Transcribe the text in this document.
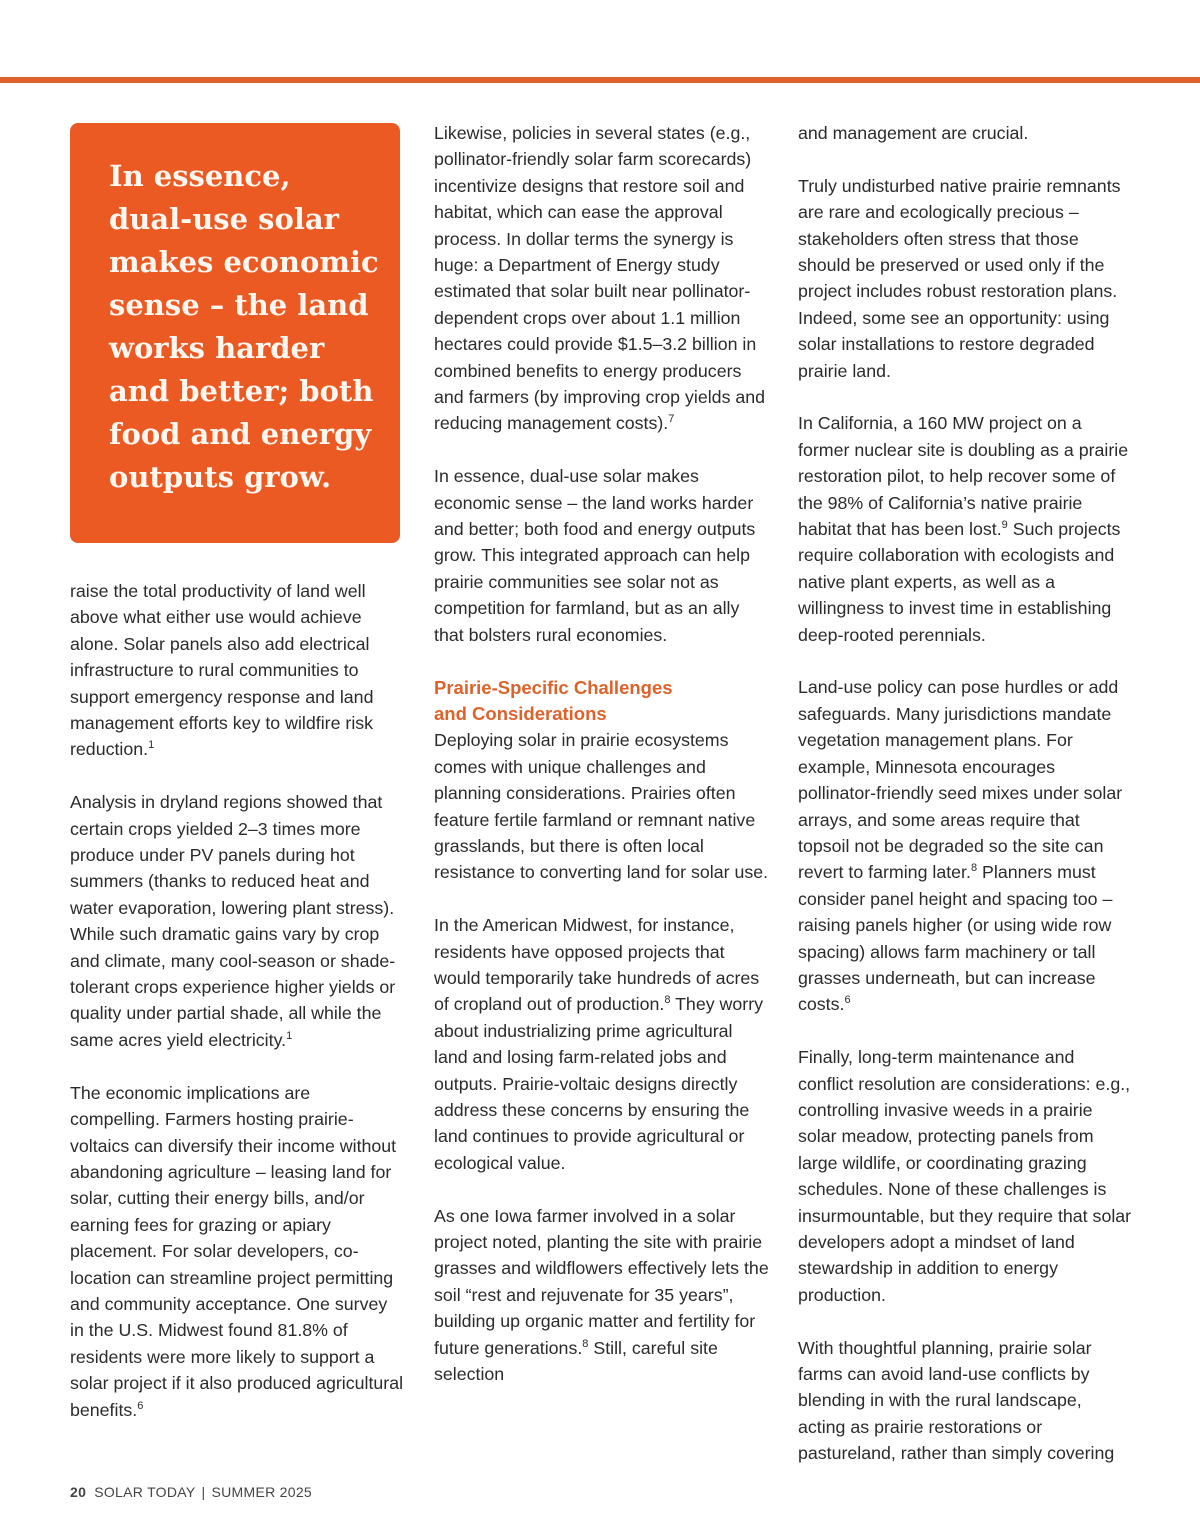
In essence,
dual-use solar
makes economic
sense – the land
works harder
and better; both
food and energy
outputs grow.

raise the total productivity of land well above what either use would achieve alone. Solar panels also add electrical infrastructure to rural communities to support emergency response and land management efforts key to wildfire risk reduction.$^1$

Analysis in dryland regions showed that certain crops yielded 2–3 times more produce under PV panels during hot summers (thanks to reduced heat and water evaporation, lowering plant stress). While such dramatic gains vary by crop and climate, many cool-season or shade-tolerant crops experience higher yields or quality under partial shade, all while the same acres yield electricity.$^1$

The economic implications are compelling. Farmers hosting prairie-voltaics can diversify their income without abandoning agriculture – leasing land for solar, cutting their energy bills, and/or earning fees for grazing or apiary placement. For solar developers, co-location can streamline project permitting and community acceptance. One survey in the U.S. Midwest found 81.8% of residents were more likely to support a solar project if it also produced agricultural benefits.$^6$

Likewise, policies in several states (e.g., pollinator-friendly solar farm scorecards) incentivize designs that restore soil and habitat, which can ease the approval process. In dollar terms the synergy is huge: a Department of Energy study estimated that solar built near pollinator-dependent crops over about 1.1 million hectares could provide $1.5–3.2 billion in combined benefits to energy producers and farmers (by improving crop yields and reducing management costs).$^7$

In essence, dual-use solar makes economic sense – the land works harder and better; both food and energy outputs grow. This integrated approach can help prairie communities see solar not as competition for farmland, but as an ally that bolsters rural economies.

Prairie-Specific Challenges
and Considerations

Deploying solar in prairie ecosystems comes with unique challenges and planning considerations. Prairies often feature fertile farmland or remnant native grasslands, but there is often local resistance to converting land for solar use.

In the American Midwest, for instance, residents have opposed projects that would temporarily take hundreds of acres of cropland out of production.$^8$ They worry about industrializing prime agricultural land and losing farm-related jobs and outputs. Prairie-voltaic designs directly address these concerns by ensuring the land continues to provide agricultural or ecological value.

As one Iowa farmer involved in a solar project noted, planting the site with prairie grasses and wildflowers effectively lets the soil “rest and rejuvenate for 35 years”, building up organic matter and fertility for future generations.$^8$ Still, careful site selection

and management are crucial.

Truly undisturbed native prairie remnants are rare and ecologically precious – stakeholders often stress that those should be preserved or used only if the project includes robust restoration plans. Indeed, some see an opportunity: using solar installations to restore degraded prairie land.

In California, a 160 MW project on a former nuclear site is doubling as a prairie restoration pilot, to help recover some of the 98% of California’s native prairie habitat that has been lost.$^9$ Such projects require collaboration with ecologists and native plant experts, as well as a willingness to invest time in establishing deep-rooted perennials.

Land-use policy can pose hurdles or add safeguards. Many jurisdictions mandate vegetation management plans. For example, Minnesota encourages pollinator-friendly seed mixes under solar arrays, and some areas require that topsoil not be degraded so the site can revert to farming later.$^8$ Planners must consider panel height and spacing too – raising panels higher (or using wide row spacing) allows farm machinery or tall grasses underneath, but can increase costs.$^6$

Finally, long-term maintenance and conflict resolution are considerations: e.g., controlling invasive weeds in a prairie solar meadow, protecting panels from large wildlife, or coordinating grazing schedules. None of these challenges is insurmountable, but they require that solar developers adopt a mindset of land stewardship in addition to energy production.

With thoughtful planning, prairie solar farms can avoid land-use conflicts by blending in with the rural landscape, acting as prairie restorations or pastureland, rather than simply covering

20 SOLAR TODAY | SUMMER 2025
